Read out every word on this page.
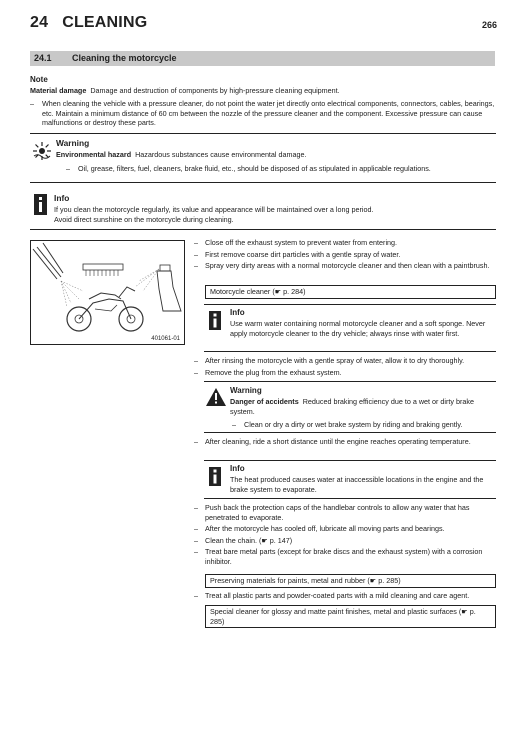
24 CLEANING	266
24.1 Cleaning the motorcycle
Note
Material damage Damage and destruction of components by high-pressure cleaning equipment.
– When cleaning the vehicle with a pressure cleaner, do not point the water jet directly onto electrical components, connectors, cables, bearings, etc. Maintain a minimum distance of 60 cm between the nozzle of the pressure cleaner and the component. Excessive pressure can cause malfunctions or destroy these parts.
Warning
Environmental hazard Hazardous substances cause environmental damage.
– Oil, grease, filters, fuel, cleaners, brake fluid, etc., should be disposed of as stipulated in applicable regulations.
Info
If you clean the motorcycle regularly, its value and appearance will be maintained over a long period.
Avoid direct sunshine on the motorcycle during cleaning.
401061-01
– Close off the exhaust system to prevent water from entering.
– First remove coarse dirt particles with a gentle spray of water.
– Spray very dirty areas with a normal motorcycle cleaner and then clean with a paintbrush.
Motorcycle cleaner (☛ p. 284)
Info
Use warm water containing normal motorcycle cleaner and a soft sponge. Never apply motorcycle cleaner to the dry vehicle; always rinse with water first.
– After rinsing the motorcycle with a gentle spray of water, allow it to dry thoroughly.
– Remove the plug from the exhaust system.
Warning
Danger of accidents Reduced braking efficiency due to a wet or dirty brake system.
– Clean or dry a dirty or wet brake system by riding and braking gently.
– After cleaning, ride a short distance until the engine reaches operating temperature.
Info
The heat produced causes water at inaccessible locations in the engine and the brake system to evaporate.
– Push back the protection caps of the handlebar controls to allow any water that has penetrated to evaporate.
– After the motorcycle has cooled off, lubricate all moving parts and bearings.
– Clean the chain. (☛ p. 147)
– Treat bare metal parts (except for brake discs and the exhaust system) with a corrosion inhibitor.
Preserving materials for paints, metal and rubber (☛ p. 285)
– Treat all plastic parts and powder-coated parts with a mild cleaning and care agent.
Special cleaner for glossy and matte paint finishes, metal and plastic surfaces (☛ p. 285)
